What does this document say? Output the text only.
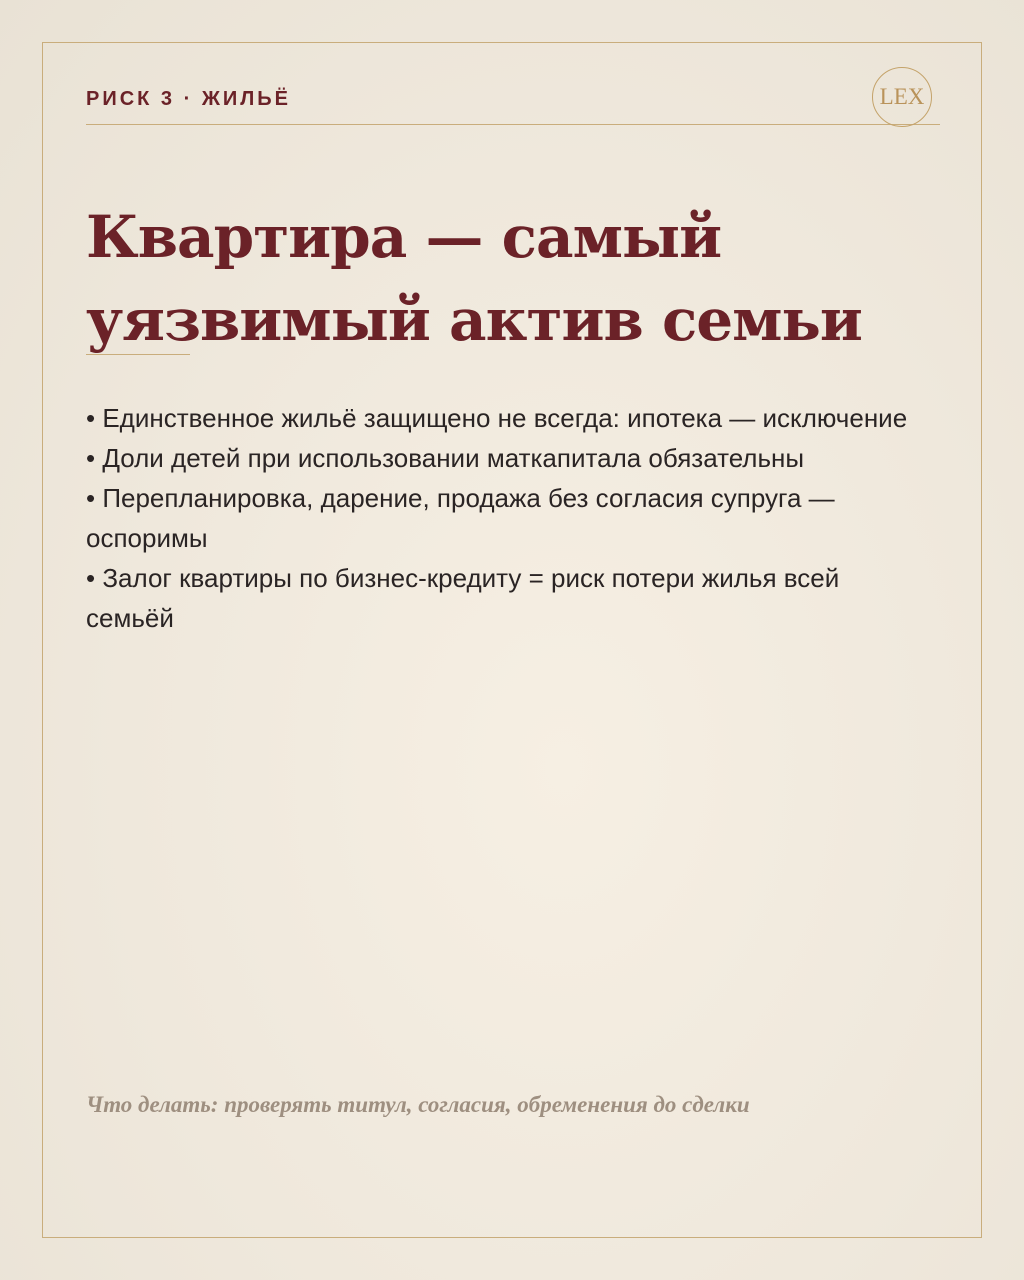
РИСК 3 · ЖИЛЬЁ	LEX
Квартира — самый уязвимый актив семьи
• Единственное жильё защищено не всегда: ипотека — исключение
• Доли детей при использовании маткапитала обязательны
• Перепланировка, дарение, продажа без согласия супруга — оспоримы
• Залог квартиры по бизнес-кредиту = риск потери жилья всей семьёй
Что делать: проверять титул, согласия, обременения до сделки
